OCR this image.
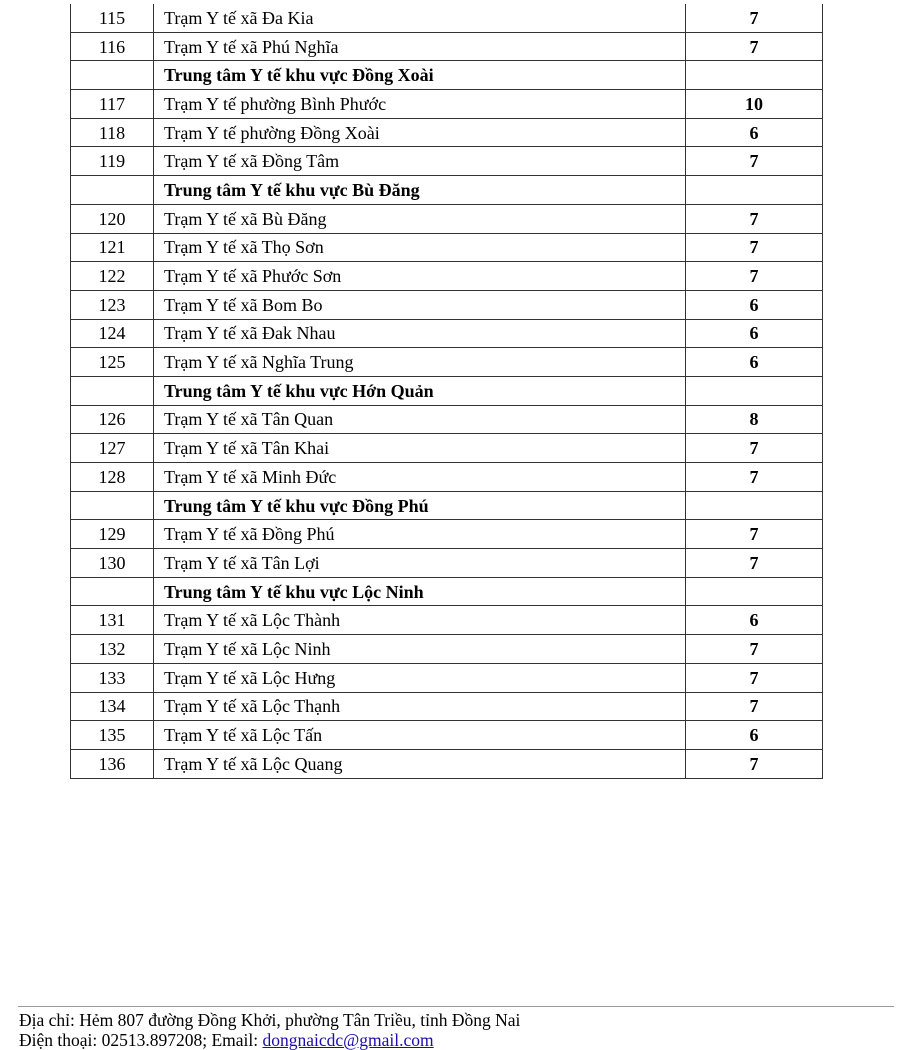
115	Trạm Y tế xã Đa Kia	7
116	Trạm Y tế xã Phú Nghĩa	7
	Trung tâm Y tế khu vực Đồng Xoài	
117	Trạm Y tế phường Bình Phước	10
118	Trạm Y tế phường Đồng Xoài	6
119	Trạm Y tế xã Đồng Tâm	7
	Trung tâm Y tế khu vực Bù Đăng	
120	Trạm Y tế xã Bù Đăng	7
121	Trạm Y tế xã Thọ Sơn	7
122	Trạm Y tế xã Phước Sơn	7
123	Trạm Y tế xã Bom Bo	6
124	Trạm Y tế xã Đak Nhau	6
125	Trạm Y tế xã Nghĩa Trung	6
	Trung tâm Y tế khu vực Hớn Quản	
126	Trạm Y tế xã Tân Quan	8
127	Trạm Y tế xã Tân Khai	7
128	Trạm Y tế xã Minh Đức	7
	Trung tâm Y tế khu vực Đồng Phú	
129	Trạm Y tế xã Đồng Phú	7
130	Trạm Y tế xã Tân Lợi	7
	Trung tâm Y tế khu vực Lộc Ninh	
131	Trạm Y tế xã Lộc Thành	6
132	Trạm Y tế xã Lộc Ninh	7
133	Trạm Y tế xã Lộc Hưng	7
134	Trạm Y tế xã Lộc Thạnh	7
135	Trạm Y tế xã Lộc Tấn	6
136	Trạm Y tế xã Lộc Quang	7
Địa chỉ: Hẻm 807 đường Đồng Khởi, phường Tân Triều, tỉnh Đồng Nai
Điện thoại: 02513.897208; Email: dongnaicdc@gmail.com
